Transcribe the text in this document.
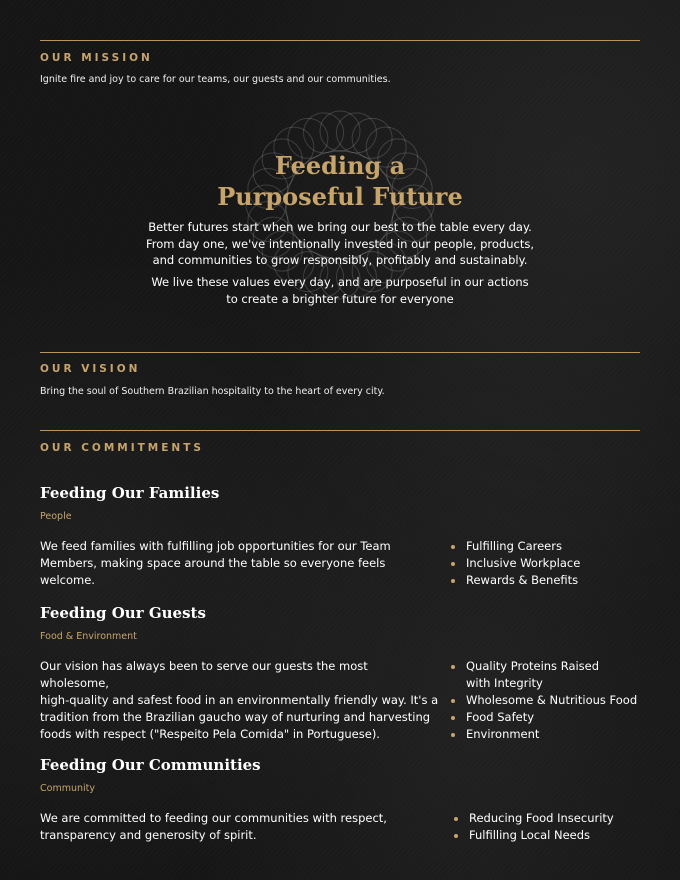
OUR MISSION
Ignite fire and joy to care for our teams, our guests and our communities.
Feeding a
Purposeful Future
Better futures start when we bring our best to the table every day.
From day one, we've intentionally invested in our people, products,
and communities to grow responsibly, profitably and sustainably.
We live these values every day, and are purposeful in our actions
to create a brighter future for everyone
OUR VISION
Bring the soul of Southern Brazilian hospitality to the heart of every city.
OUR COMMITMENTS
Feeding Our Families
People
We feed families with fulfilling job opportunities for our Team
Members, making space around the table so everyone feels welcome.
Fulfilling Careers
Inclusive Workplace
Rewards & Benefits
Feeding Our Guests
Food & Environment
Our vision has always been to serve our guests the most wholesome,
high-quality and safest food in an environmentally friendly way. It's a
tradition from the Brazilian gaucho way of nurturing and harvesting
foods with respect ("Respeito Pela Comida" in Portuguese).
Quality Proteins Raised
with Integrity
Wholesome & Nutritious Food
Food Safety
Environment
Feeding Our Communities
Community
We are committed to feeding our communities with respect,
transparency and generosity of spirit.
Reducing Food Insecurity
Fulfilling Local Needs
